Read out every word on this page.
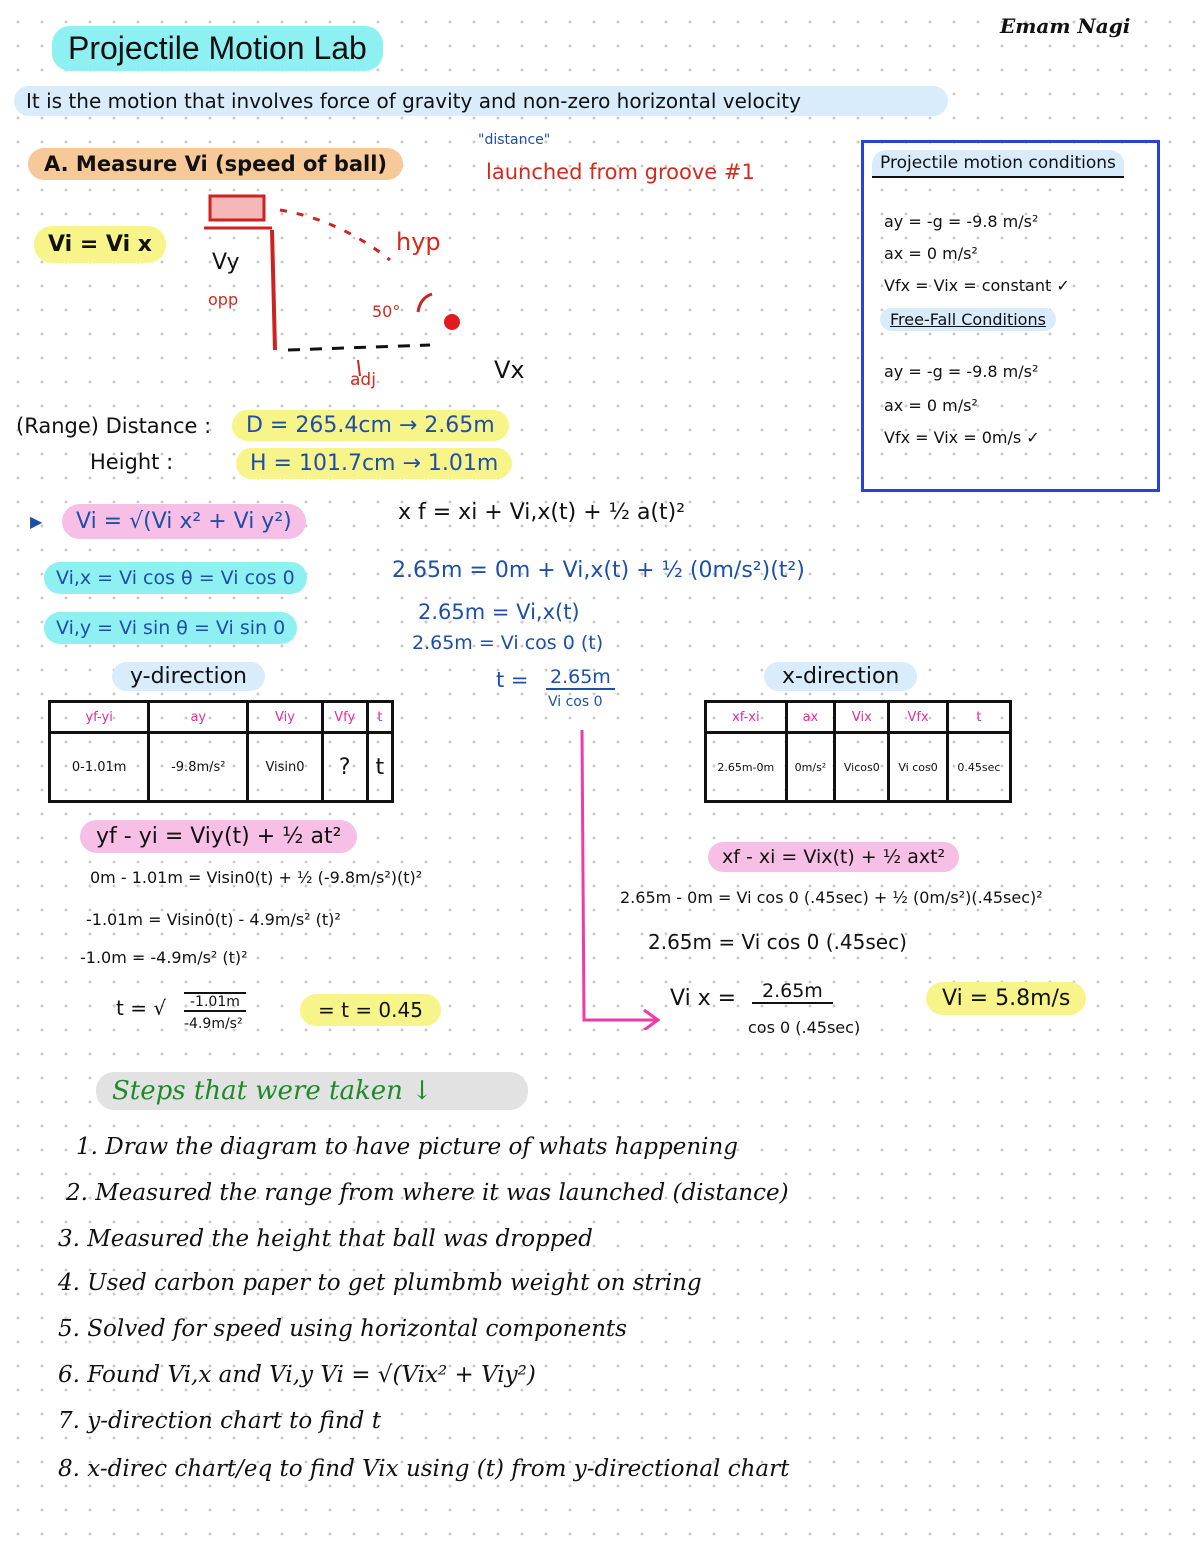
Emam Nagi
Projectile Motion Lab
It is the motion that involves force of gravity and non-zero horizontal velocity
A. Measure Vi (speed of ball)
"distance"
launched from groove #1
Vi = Vi x
Vy
opp
hyp
50°
adj	Vx
(Range) Distance :	D = 265.4cm → 2.65m
Height :	H = 101.7cm → 1.01m
▶	Vi = √(Vi x² + Vi y²)
Vi,x = Vi cos θ = Vi cos 0
Vi,y = Vi sin θ = Vi sin 0
x f = xi + Vi,x(t) + ½ a(t)²
2.65m = 0m + Vi,x(t) + ½ (0m/s²)(t²)
2.65m = Vi,x(t)
2.65m = Vi cos 0 (t)
t = 2.65m
Vi cos 0
y-direction
yf-yi	ay	Viy	Vfy	t
0-1.01m	-9.8m/s²	Visin0	?	t
yf - yi = Viy(t) + ½ at²
0m - 1.01m = Visin0(t) + ½ (-9.8m/s²)(t)²
-1.01m = Visin0(t) - 4.9m/s² (t)²
-1.0m = -4.9m/s² (t)²
t = √	-1.01m
-4.9m/s²
= t = 0.45
x-direction
xf-xi	ax	Vix	Vfx	t
2.65m-0m	0m/s²	Vicos0	Vi cos0	0.45sec
xf - xi = Vix(t) + ½ axt²
2.65m - 0m = Vi cos 0 (.45sec) + ½ (0m/s²)(.45sec)²
2.65m = Vi cos 0 (.45sec)
Vi x =	2.65m
cos 0 (.45sec)
Vi = 5.8m/s
Projectile motion conditions
ay = -g = -9.8 m/s²
ax = 0 m/s²
Vfx = Vix = constant ✓
Free-Fall Conditions
ay = -g = -9.8 m/s²
ax = 0 m/s²
Vfx = Vix = 0m/s ✓
Steps that were taken ↓
1. Draw the diagram to have picture of whats happening
2. Measured the range from where it was launched (distance)
3. Measured the height that ball was dropped
4. Used carbon paper to get plumbmb weight on string
5. Solved for speed using horizontal components
6. Found Vi,x and Vi,y Vi = √(Vix² + Viy²)
7. y-direction chart to find t
8. x-direc chart/eq to find Vix using (t) from y-directional chart
